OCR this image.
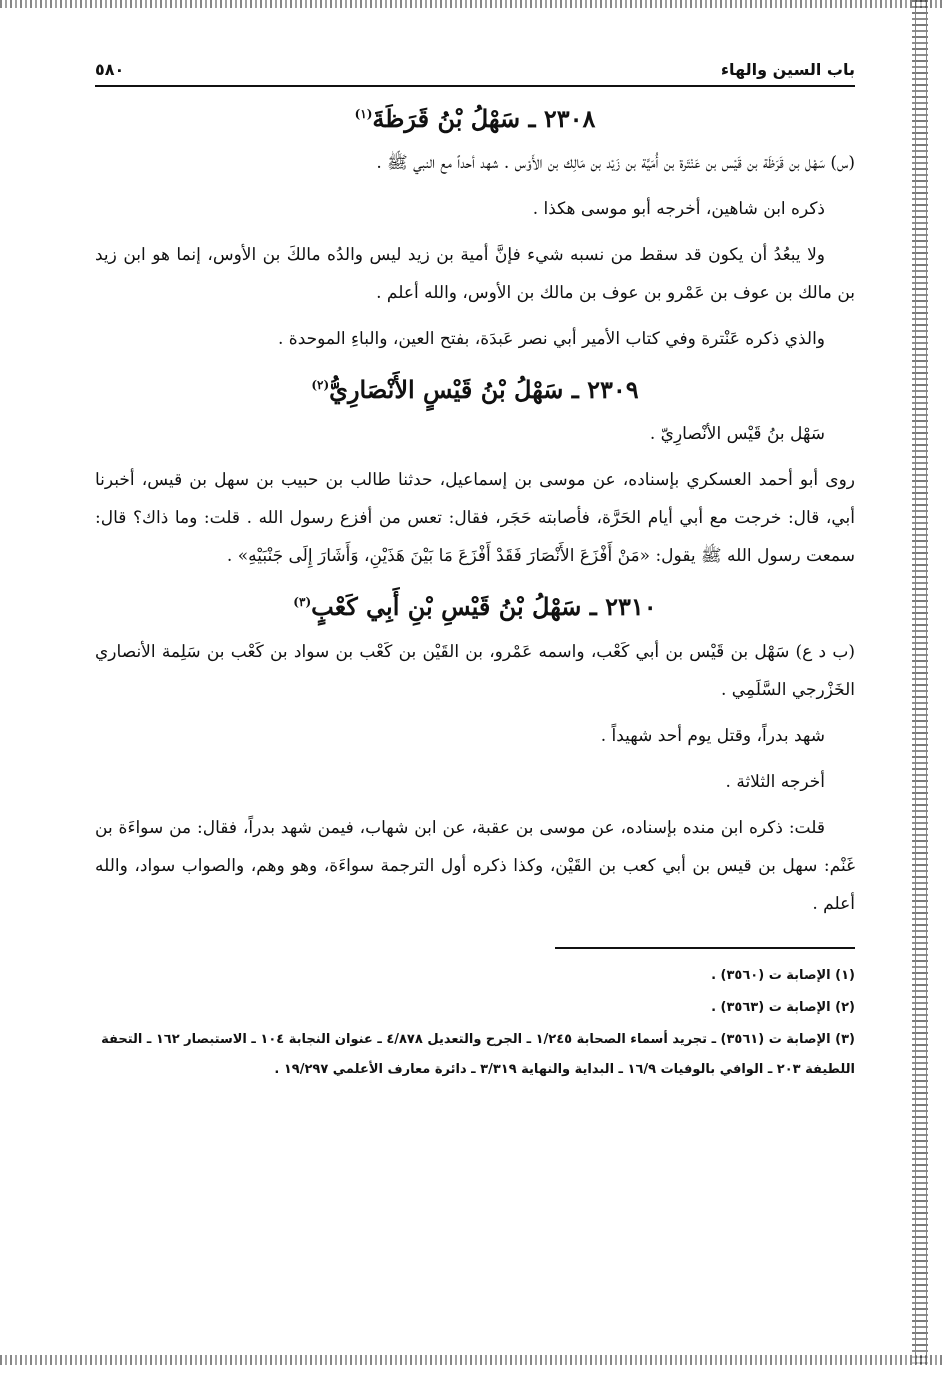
باب السين والهاء
٥٨٠
٢٣٠٨ ـ سَهْلُ بْنُ قَرَظَةَ$^{(١)}$

(س) سَهْل بن قَرَظَة بن قَيْس بن عَنْتَرة بن أُمَيَّة بن زَيْد بن مَالِك بن الأَوْس . شهد أحداً مع النبي ﷺ .

ذكره ابن شاهين، أخرجه أبو موسى هكذا .

ولا يبعُدُ أن يكون قد سقط من نسبه شيء فإنَّ أمية بن زيد ليس والدُه مالكَ بن الأوس، إنما هو ابن زيد بن مالك بن عوف بن عَمْرو بن عوف بن مالك بن الأوس، والله أعلم .

والذي ذكره عَنْترة وفي كتاب الأمير أبي نصر عَبدَة، بفتح العين، والباءِ الموحدة .

٢٣٠٩ ـ سَهْلُ بْنُ قَيْسٍ الأَنْصَارِيُّ$^{(٢)}$

سَهْل بنُ قَيْس الأنْصارِيّ .

روى أبو أحمد العسكري بإسناده، عن موسى بن إسماعيل، حدثنا طالب بن حبيب بن سهل بن قيس، أخبرنا أبي، قال: خرجت مع أبي أيام الحَرَّة، فأصابته حَجَر، فقال: تعس من أفزع رسول الله . قلت: وما ذاك؟ قال: سمعت رسول الله ﷺ يقول: «مَنْ أَفْزَعَ الأَنْصَارَ فَقَدْ أَفْزَعَ مَا بَيْنَ هَذَيْنِ، وَأَشَارَ إِلَى جَنْبَيْهِ» .

٢٣١٠ ـ سَهْلُ بْنُ قَيْسِ بْنِ أَبِي كَعْبٍ$^{(٣)}$

(ب د ع) سَهْل بن قَيْس بن أبي كَعْب، واسمه عَمْرو، بن القَيْن بن كَعْب بن سواد بن كَعْب بن سَلِمة الأنصاري الخَزْرجي السَّلَمِي .

شهد بدراً، وقتل يوم أحد شهيداً .

أخرجه الثلاثة .

قلت: ذكره ابن منده بإسناده، عن موسى بن عقبة، عن ابن شهاب، فيمن شهد بدراً، فقال: من سواءَة بن غَنْم: سهل بن قيس بن أبي كعب بن القَيْن، وكذا ذكره أول الترجمة سواءَة، وهو وهم، والصواب سواد، والله أعلم .

(١) الإصابة ت (٣٥٦٠) .
(٢) الإصابة ت (٣٥٦٣) .
(٣) الإصابة ت (٣٥٦١) ـ تجريد أسماء الصحابة ١/٢٤٥ ـ الجرح والتعديل ٤/٨٧٨ ـ عنوان النجابة ١٠٤ ـ الاستبصار ١٦٢ ـ التحفة اللطيفة ٢٠٣ ـ الوافي بالوفيات ١٦/٩ ـ البداية والنهاية ٣/٣١٩ ـ دائرة معارف الأعلمي ١٩/٢٩٧ .
